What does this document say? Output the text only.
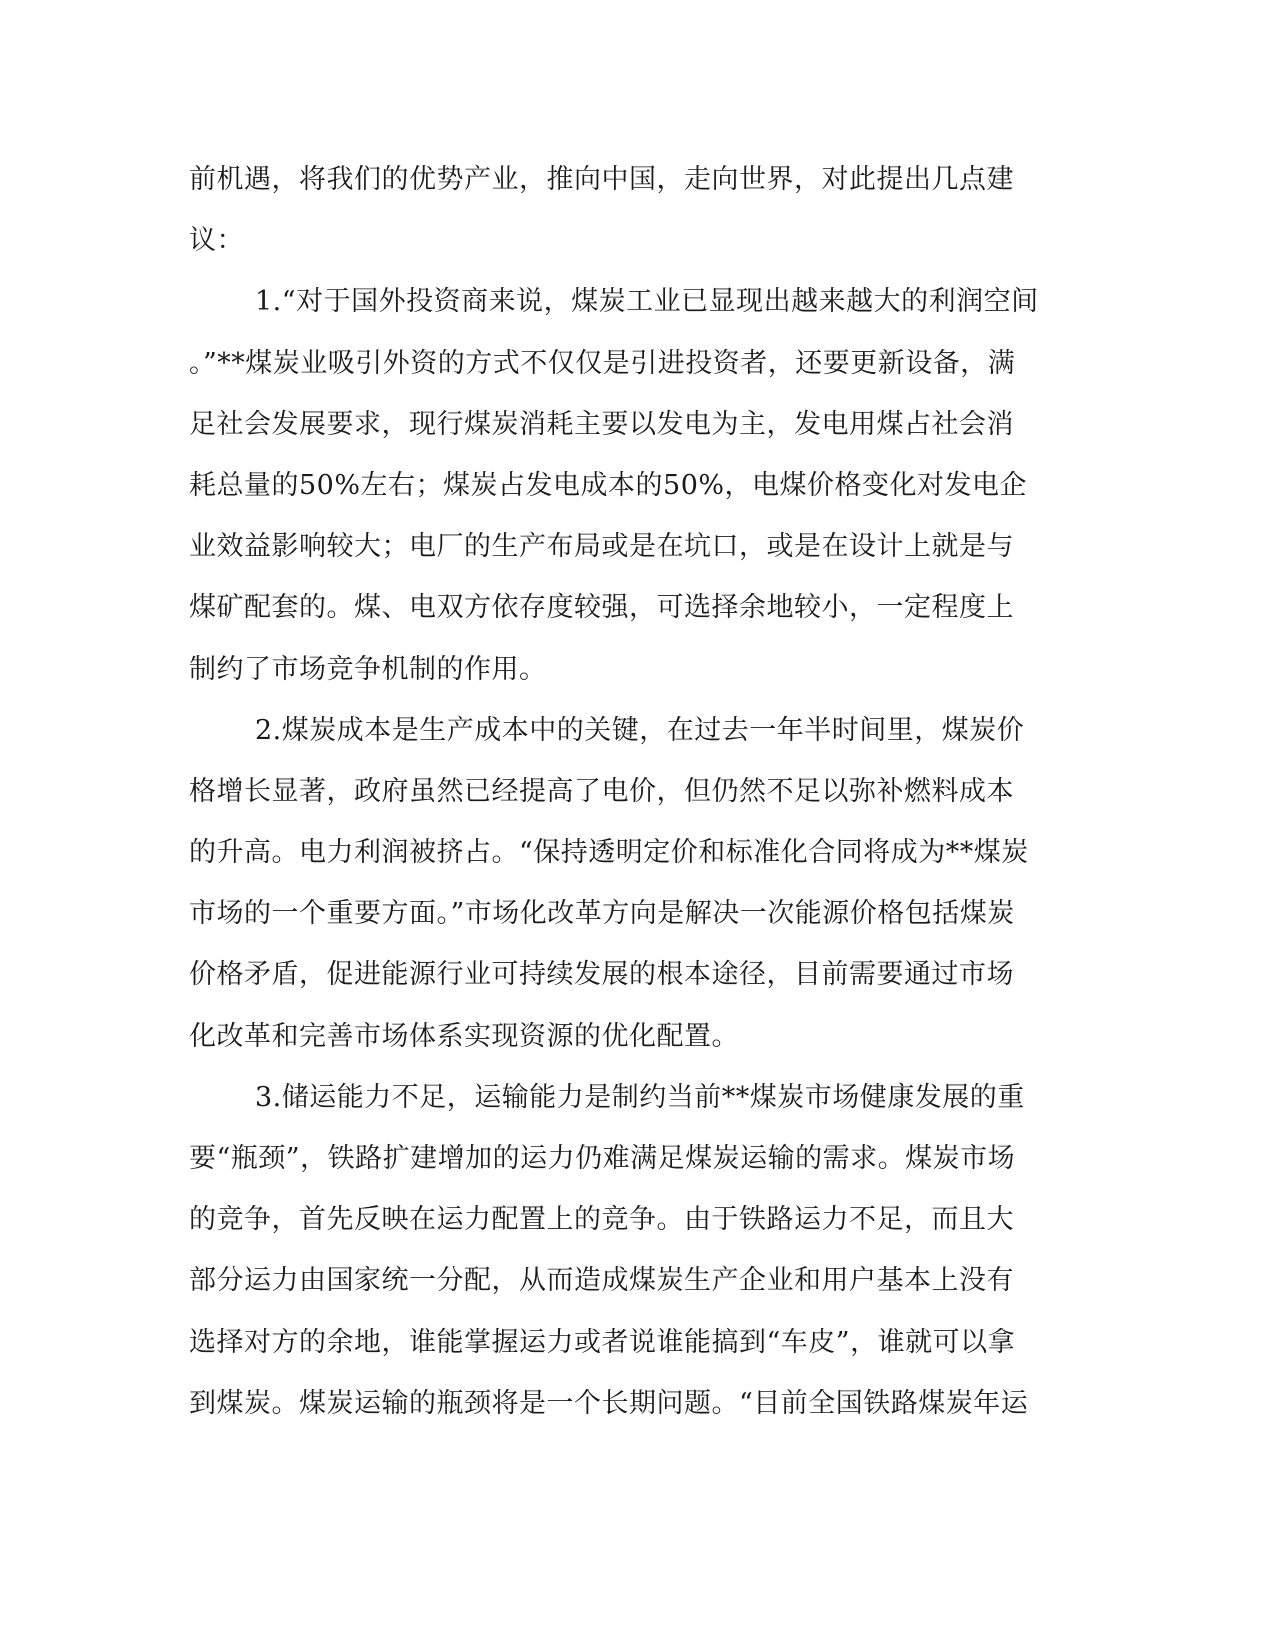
前机遇，将我们的优势产业，推向中国，走向世界，对此提出几点建
议：
1.“对于国外投资商来说，煤炭工业已显现出越来越大的利润空间
。”**煤炭业吸引外资的方式不仅仅是引进投资者，还要更新设备，满
足社会发展要求，现行煤炭消耗主要以发电为主，发电用煤占社会消
耗总量的50%左右；煤炭占发电成本的50%，电煤价格变化对发电企
业效益影响较大；电厂的生产布局或是在坑口，或是在设计上就是与
煤矿配套的。煤、电双方依存度较强，可选择余地较小，一定程度上
制约了市场竞争机制的作用。
2.煤炭成本是生产成本中的关键，在过去一年半时间里，煤炭价
格增长显著，政府虽然已经提高了电价，但仍然不足以弥补燃料成本
的升高。电力利润被挤占。“保持透明定价和标准化合同将成为**煤炭
市场的一个重要方面。”市场化改革方向是解决一次能源价格包括煤炭
价格矛盾，促进能源行业可持续发展的根本途径，目前需要通过市场
化改革和完善市场体系实现资源的优化配置。
3.储运能力不足，运输能力是制约当前**煤炭市场健康发展的重
要“瓶颈”，铁路扩建增加的运力仍难满足煤炭运输的需求。煤炭市场
的竞争，首先反映在运力配置上的竞争。由于铁路运力不足，而且大
部分运力由国家统一分配，从而造成煤炭生产企业和用户基本上没有
选择对方的余地，谁能掌握运力或者说谁能搞到“车皮”，谁就可以拿
到煤炭。煤炭运输的瓶颈将是一个长期问题。“目前全国铁路煤炭年运
